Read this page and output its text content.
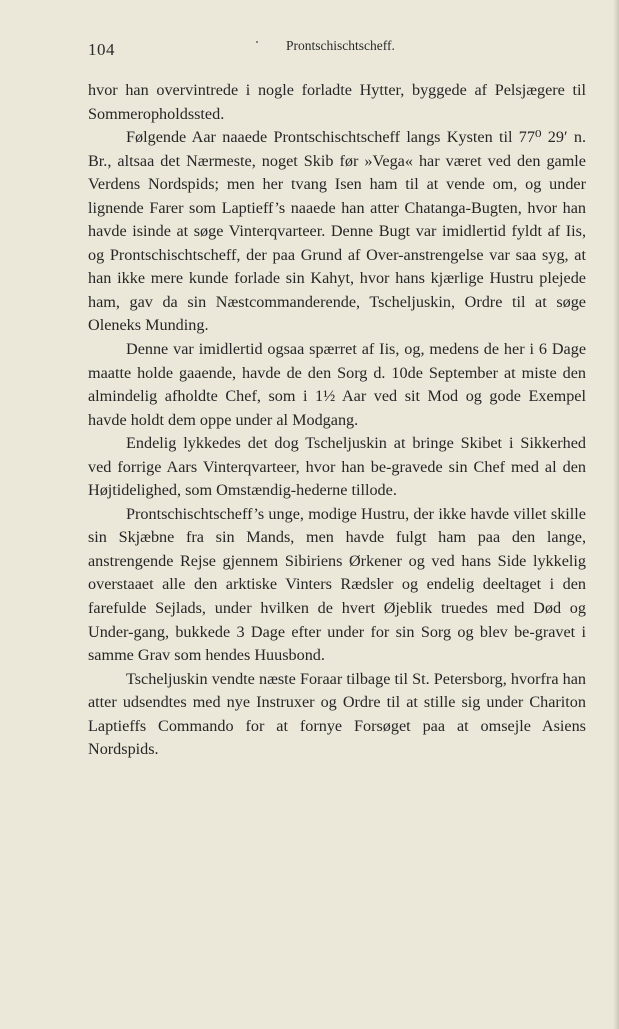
104	Prontschischtscheff.

hvor han overvintrede i nogle forladte Hytter, byggede af Pelsjægere til Sommeropholdssted.

Følgende Aar naaede Prontschischtscheff langs Kysten til 77⁰ 29′ n. Br., altsaa det Nærmeste, noget Skib før »Vega« har været ved den gamle Verdens Nordspids; men her tvang Isen ham til at vende om, og under lignende Farer som Laptieff’s naaede han atter Chatanga-Bugten, hvor han havde isinde at søge Vinterqvarteer. Denne Bugt var imidlertid fyldt af Iis, og Prontschischtscheff, der paa Grund af Over-anstrengelse var saa syg, at han ikke mere kunde forlade sin Kahyt, hvor hans kjærlige Hustru plejede ham, gav da sin Næstcommanderende, Tscheljuskin, Ordre til at søge Oleneks Munding.

Denne var imidlertid ogsaa spærret af Iis, og, medens de her i 6 Dage maatte holde gaaende, havde de den Sorg d. 10de September at miste den almindelig afholdte Chef, som i 1½ Aar ved sit Mod og gode Exempel havde holdt dem oppe under al Modgang.

Endelig lykkedes det dog Tscheljuskin at bringe Skibet i Sikkerhed ved forrige Aars Vinterqvarteer, hvor han be-gravede sin Chef med al den Højtidelighed, som Omstændig-hederne tillode.

Prontschischtscheff’s unge, modige Hustru, der ikke havde villet skille sin Skjæbne fra sin Mands, men havde fulgt ham paa den lange, anstrengende Rejse gjennem Sibiriens Ørkener og ved hans Side lykkelig overstaaet alle den arktiske Vinters Rædsler og endelig deeltaget i den farefulde Sejlads, under hvilken de hvert Øjeblik truedes med Død og Under-gang, bukkede 3 Dage efter under for sin Sorg og blev be-gravet i samme Grav som hendes Huusbond.

Tscheljuskin vendte næste Foraar tilbage til St. Petersborg, hvorfra han atter udsendtes med nye Instruxer og Ordre til at stille sig under Chariton Laptieffs Commando for at fornye Forsøget paa at omsejle Asiens Nordspids.
